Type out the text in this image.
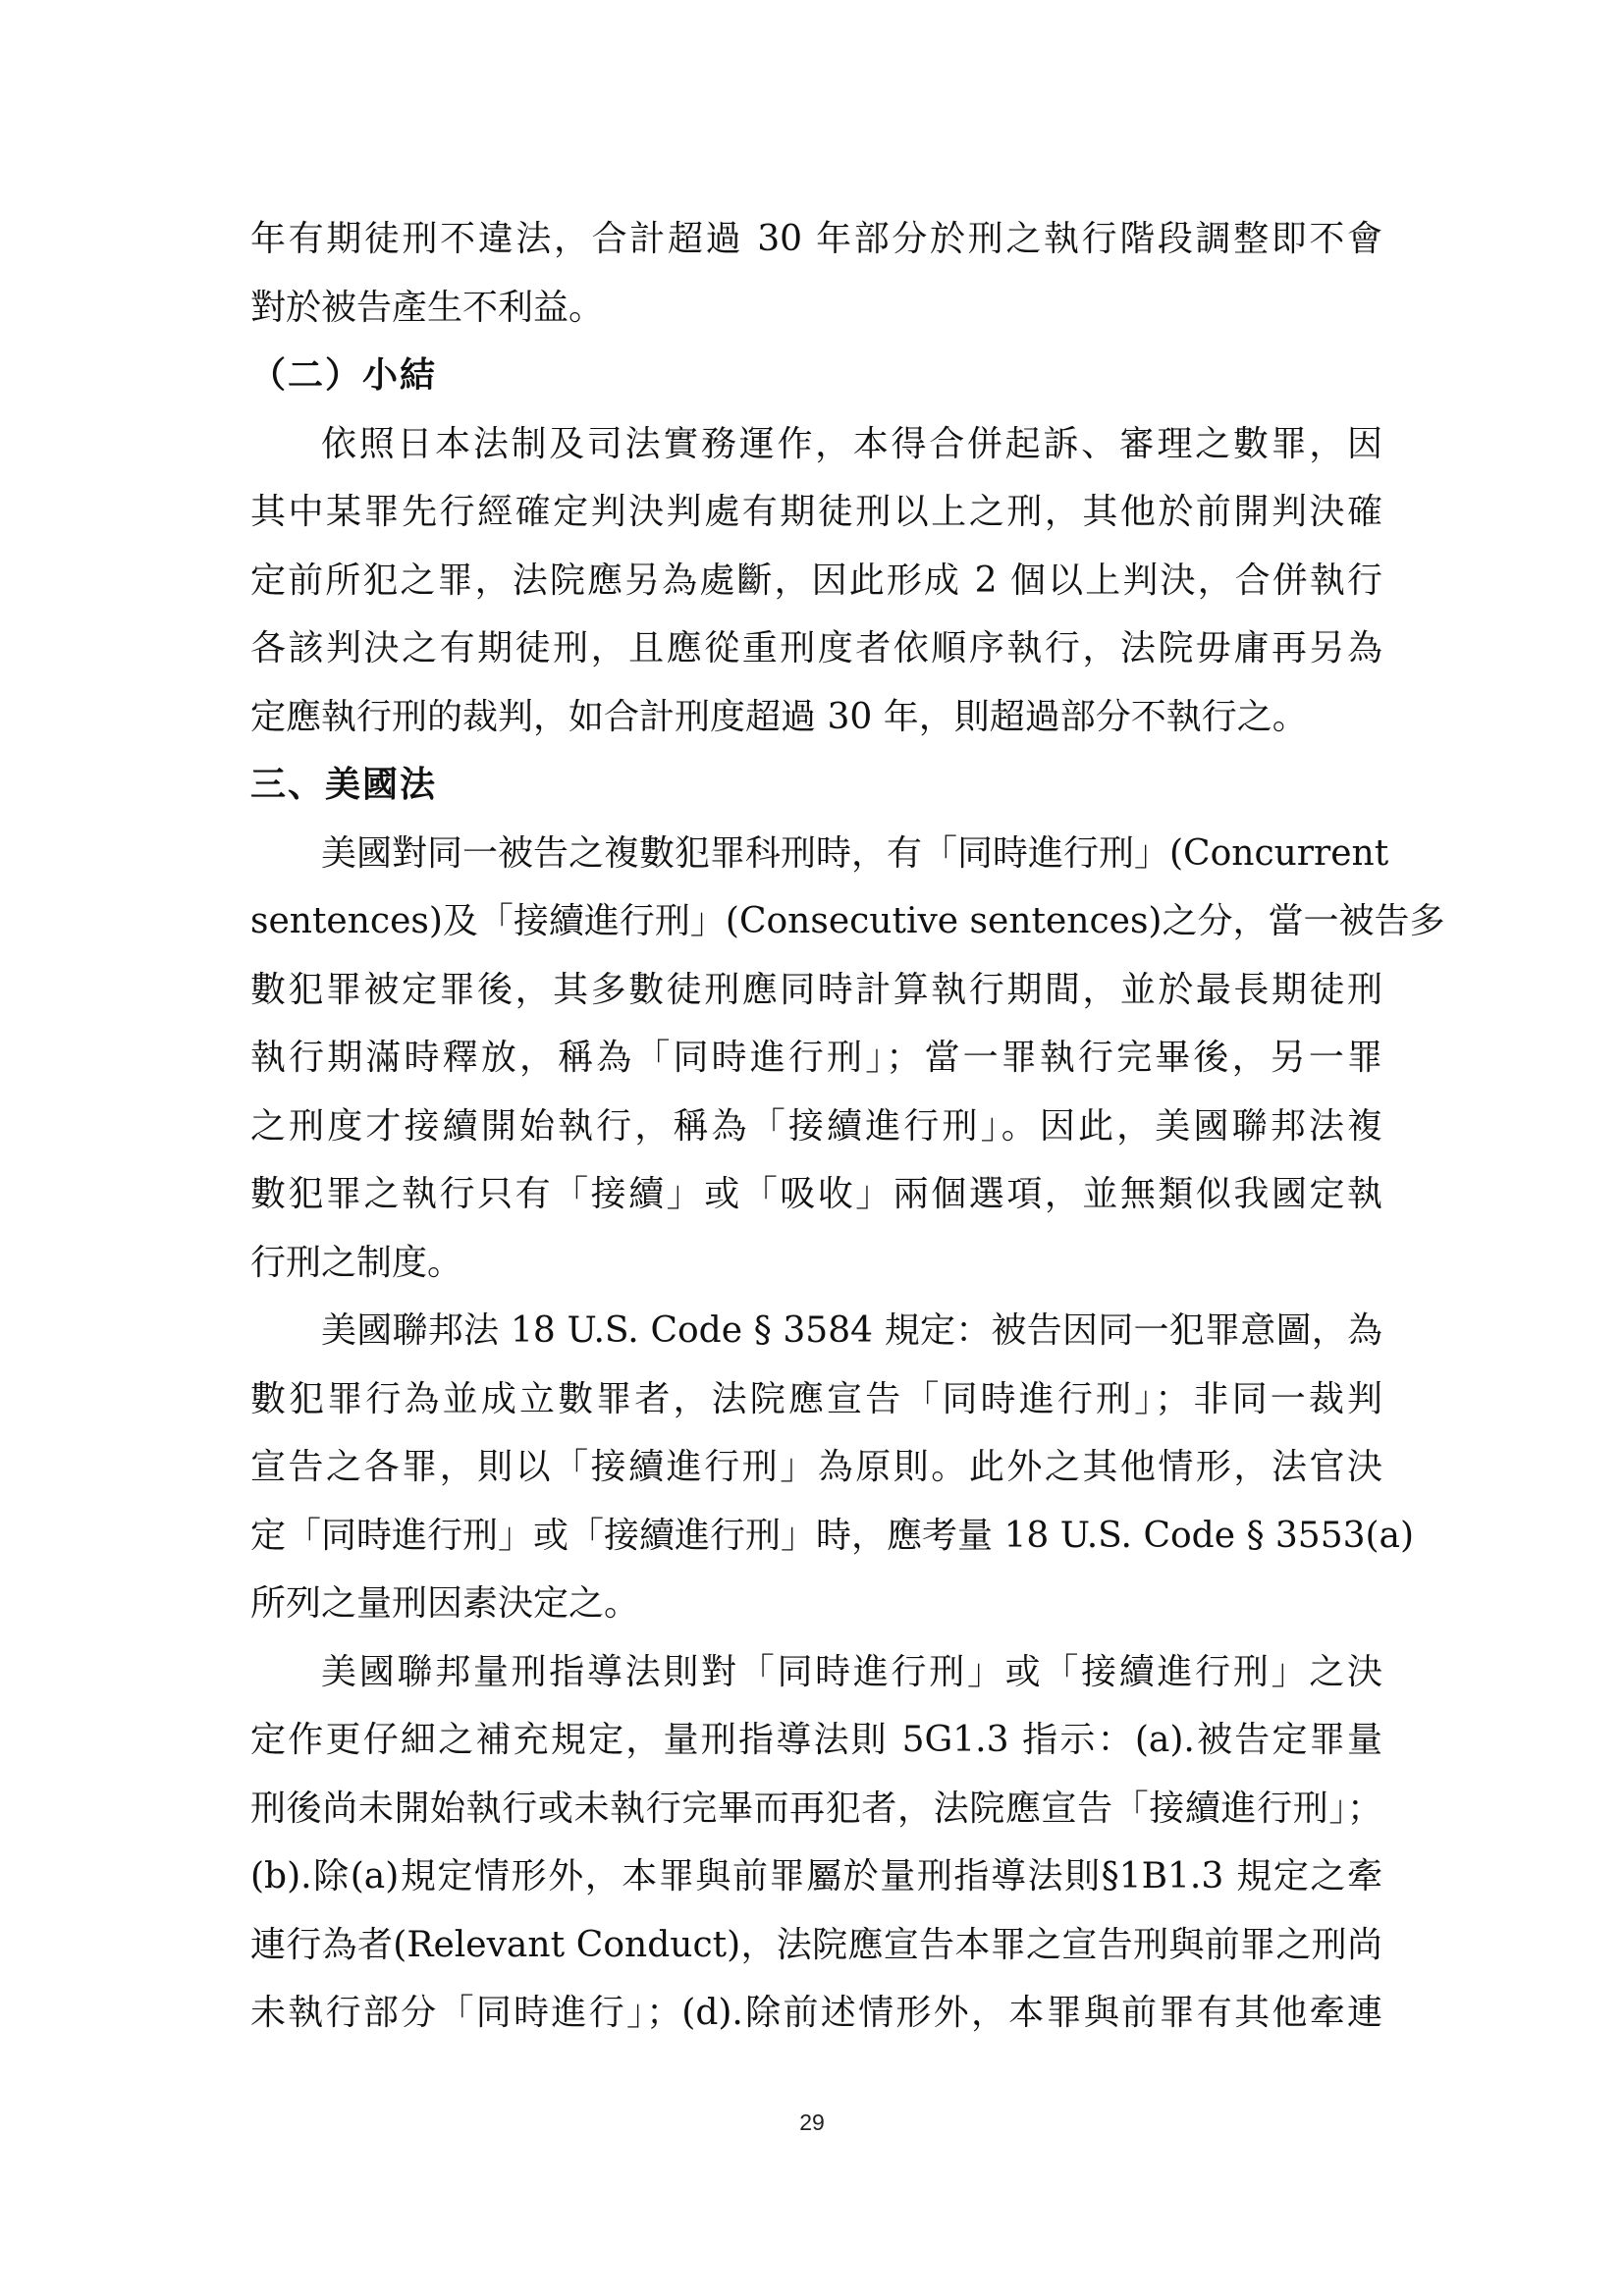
年有期徒刑不違法，合計超過 30 年部分於刑之執行階段調整即不會
對於被告產生不利益。
（二）小結
依照日本法制及司法實務運作，本得合併起訴、審理之數罪，因
其中某罪先行經確定判決判處有期徒刑以上之刑，其他於前開判決確
定前所犯之罪，法院應另為處斷，因此形成 2 個以上判決，合併執行
各該判決之有期徒刑，且應從重刑度者依順序執行，法院毋庸再另為
定應執行刑的裁判，如合計刑度超過 30 年，則超過部分不執行之。
三、美國法
美國對同一被告之複數犯罪科刑時，有「同時進行刑」(Concurrent
sentences)及「接續進行刑」(Consecutive sentences)之分，當一被告多
數犯罪被定罪後，其多數徒刑應同時計算執行期間，並於最長期徒刑
執行期滿時釋放，稱為「同時進行刑」；當一罪執行完畢後，另一罪
之刑度才接續開始執行，稱為「接續進行刑」。因此，美國聯邦法複
數犯罪之執行只有「接續」或「吸收」兩個選項，並無類似我國定執
行刑之制度。
美國聯邦法 18 U.S. Code § 3584 規定：被告因同一犯罪意圖，為
數犯罪行為並成立數罪者，法院應宣告「同時進行刑」；非同一裁判
宣告之各罪，則以「接續進行刑」為原則。此外之其他情形，法官決
定「同時進行刑」或「接續進行刑」時，應考量 18 U.S. Code § 3553(a)
所列之量刑因素決定之。
美國聯邦量刑指導法則對「同時進行刑」或「接續進行刑」之決
定作更仔細之補充規定，量刑指導法則 5G1.3 指示：(a).被告定罪量
刑後尚未開始執行或未執行完畢而再犯者，法院應宣告「接續進行刑」；
(b).除(a)規定情形外，本罪與前罪屬於量刑指導法則§1B1.3 規定之牽
連行為者(Relevant Conduct)，法院應宣告本罪之宣告刑與前罪之刑尚
未執行部分「同時進行」；(d).除前述情形外，本罪與前罪有其他牽連
29
